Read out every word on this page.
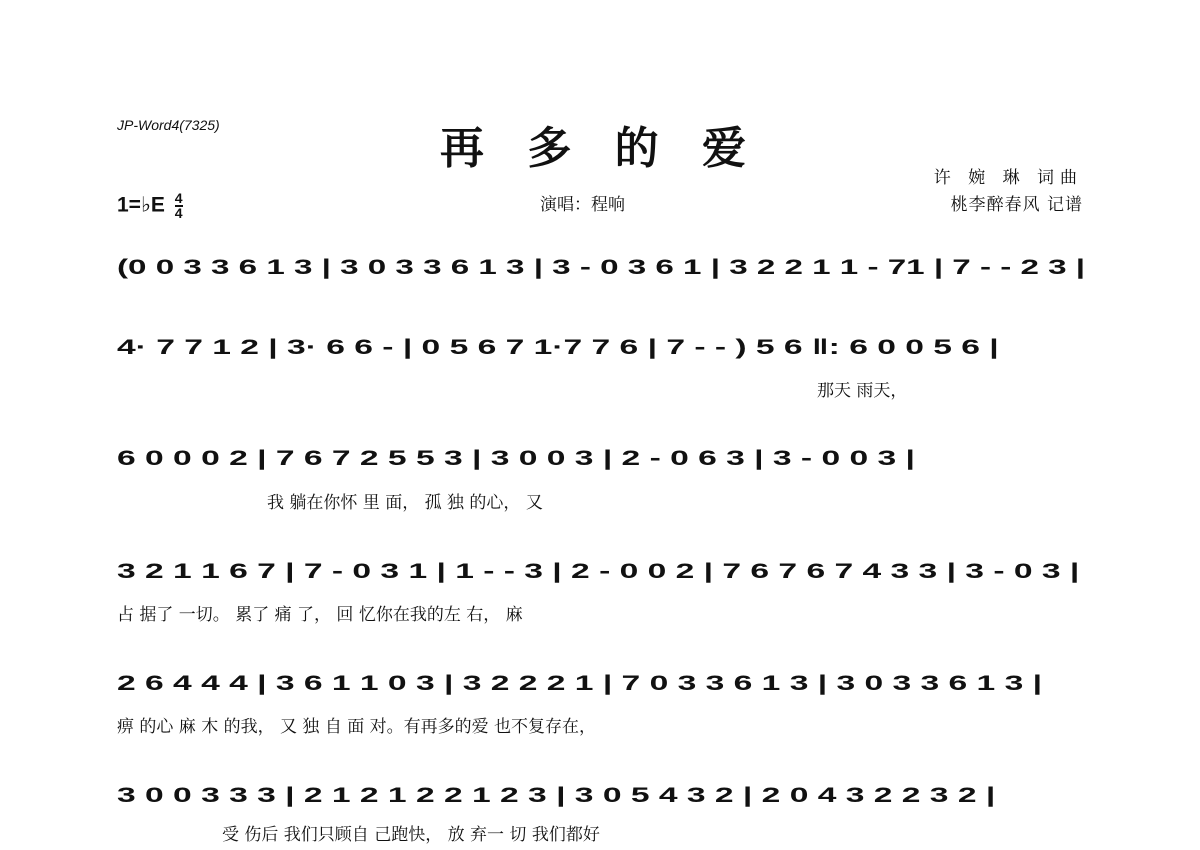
JP-Word4(7325)	再 多 的 爱
许 婉 琳 词曲
桃李醉春风 记谱
演唱：程响
1=♭E $\frac{4}{4}$
(0 0 3 3 6 1 3 | 3 0 3 3 6 1 3 | 3 - 0 3 6 1 | 3 2 2 1 1 - 71 | 7 - - 2 3 |
4· 7 7 1 2 | 3· 6 6 - | 0 5 6 7 1·7 7 6 | 7 - - ) 5 6 ‖: 6 0 0 5 6 |
那天 雨天，
6 0 0 0 2 | 7 6 7 2 5 5 3 | 3 0 0 3 | 2 - 0 6 3 | 3 - 0 0 3 |
我 躺在你怀 里 面， 孤 独 的心， 又
3 2 1 1 6 7 | 7 - 0 3 1 | 1 - - 3 | 2 - 0 0 2 | 7 6 7 6 7 4 3 3 | 3 - 0 3 |
占 据了 一切。 累了 痛 了， 回 忆你在我的左 右， 麻
2 6 4 4 4 | 3 6 1 1 0 3 | 3 2 2 2 1 | 7 0 3 3 6 1 3 | 3 0 3 3 6 1 3 |
痹 的心 麻 木 的我， 又 独 自 面 对。有再多的爱 也不复存在，
3 0 0 3 3 3 | 2 1 2 1 2 2 1 2 3 | 3 0 5 4 3 2 | 2 0 4 3 2 2 3 2 |
受 伤后 我们只顾自 己跑快， 放 弃一 切 我们都好
